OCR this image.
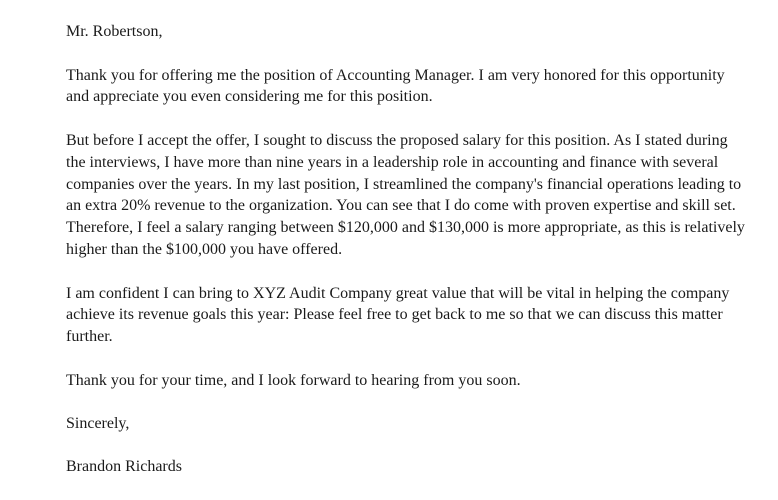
Mr. Robertson,

Thank you for offering me the position of Accounting Manager. I am very honored for this opportunity

and appreciate you even considering me for this position.

But before I accept the offer, I sought to discuss the proposed salary for this position. As I stated during

the interviews, I have more than nine years in a leadership role in accounting and finance with several

companies over the years. In my last position, I streamlined the company's financial operations leading to

an extra 20% revenue to the organization. You can see that I do come with proven expertise and skill set.

Therefore, I feel a salary ranging between $120,000 and $130,000 is more appropriate, as this is relatively

higher than the $100,000 you have offered.

I am confident I can bring to XYZ Audit Company great value that will be vital in helping the company

achieve its revenue goals this year: Please feel free to get back to me so that we can discuss this matter

further.

Thank you for your time, and I look forward to hearing from you soon.

Sincerely,

Brandon Richards
